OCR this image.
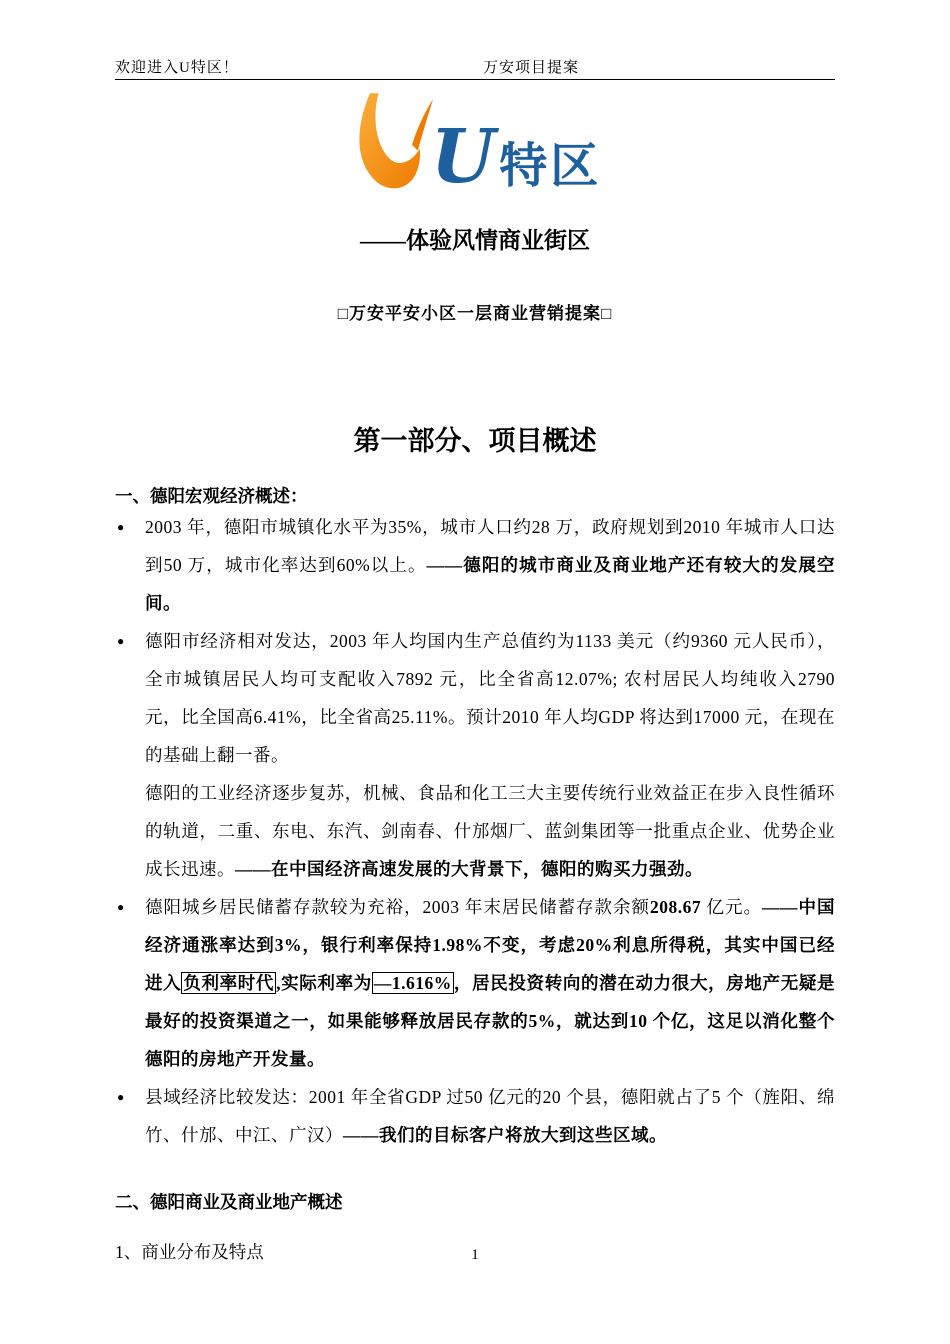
欢迎进入U特区！	万安项目提案
U 特区
——体验风情商业街区
□万安平安小区一层商业营销提案□
第一部分、项目概述
一、德阳宏观经济概述：
● 2003 年，德阳市城镇化水平为35%，城市人口约28 万，政府规划到2010 年城市人口达到50 万，城市化率达到60%以上。——德阳的城市商业及商业地产还有较大的发展空间。

● 德阳市经济相对发达，2003 年人均国内生产总值约为1133 美元（约9360 元人民币），全市城镇居民人均可支配收入7892 元，比全省高12.07%; 农村居民人均纯收入2790 元，比全国高6.41%，比全省高25.11%。预计2010 年人均GDP 将达到17000 元，在现在的基础上翻一番。

德阳的工业经济逐步复苏，机械、食品和化工三大主要传统行业效益正在步入良性循环的轨道，二重、东电、东汽、剑南春、什邡烟厂、蓝剑集团等一批重点企业、优势企业成长迅速。——在中国经济高速发展的大背景下，德阳的购买力强劲。

● 德阳城乡居民储蓄存款较为充裕，2003 年末居民储蓄存款余额208.67 亿元。——中国经济通涨率达到3%，银行利率保持1.98%不变，考虑20%利息所得税，其实中国已经进入 负利率时代 ,实际利率为 —1.616% ，居民投资转向的潜在动力很大，房地产无疑是最好的投资渠道之一，如果能够释放居民存款的5%，就达到10 个亿，这足以消化整个德阳的房地产开发量。

● 县域经济比较发达：2001 年全省GDP 过50 亿元的20 个县，德阳就占了5 个（旌阳、绵竹、什邡、中江、广汉）——我们的目标客户将放大到这些区域。

二、德阳商业及商业地产概述
1、商业分布及特点	1
